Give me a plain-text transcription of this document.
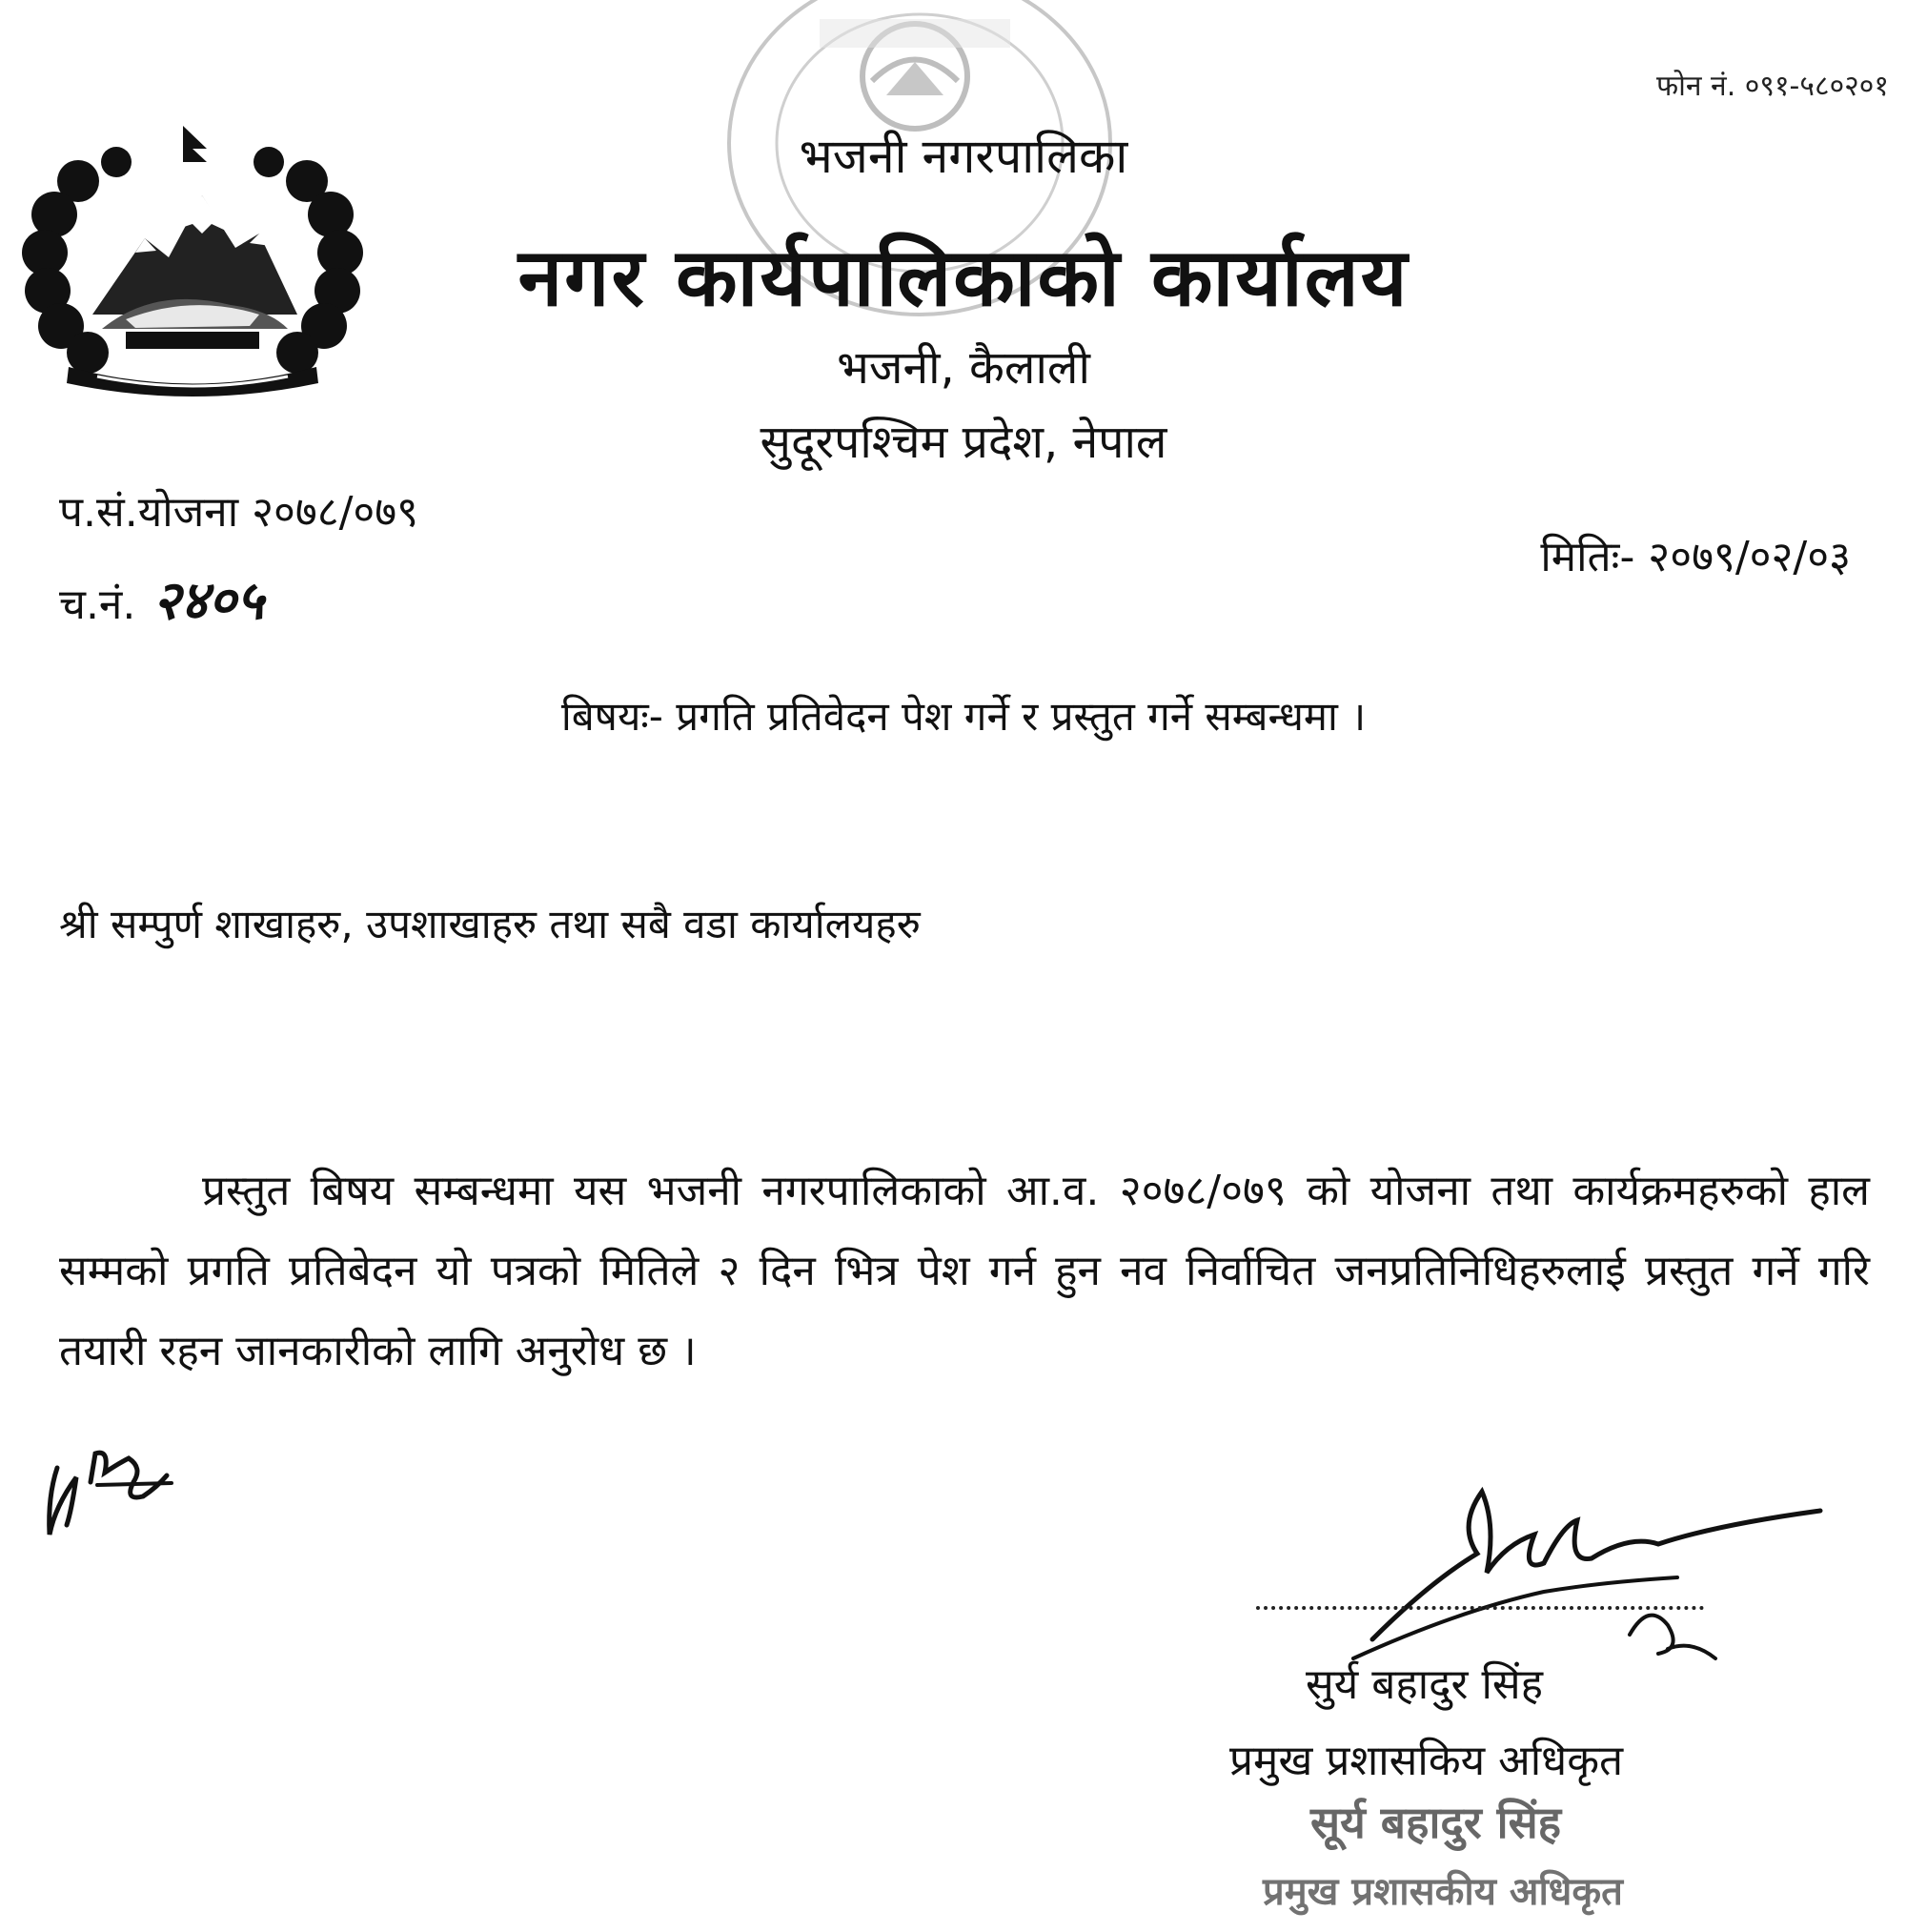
फोन नं. ०९१-५८०२०१
भजनी नगरपालिका
नगर कार्यपालिकाको कार्यालय
भजनी, कैलाली
सुदूरपश्चिम प्रदेश, नेपाल
प.सं.योजना २०७८/०७९
च.नं. २४०५
मितिः- २०७९/०२/०३
बिषयः- प्रगति प्रतिवेदन पेश गर्ने र प्रस्तुत गर्ने सम्बन्धमा ।
श्री सम्पुर्ण शाखाहरु, उपशाखाहरु तथा सबै वडा कार्यालयहरु
प्रस्तुत बिषय सम्बन्धमा यस भजनी नगरपालिकाको आ.व. २०७८/०७९ को योजना तथा कार्यक्रमहरुको हाल सम्मको प्रगति प्रतिबेदन यो पत्रको मितिले २ दिन भित्र पेश गर्न हुन नव निर्वाचित जनप्रतिनिधिहरुलाई प्रस्तुत गर्ने गरि तयारी रहन जानकारीको लागि अनुरोध छ ।
सुर्य बहादुर सिंह
प्रमुख प्रशासकिय अधिकृत
सूर्य बहादुर सिंह
प्रमुख प्रशासकीय अधिकृत
